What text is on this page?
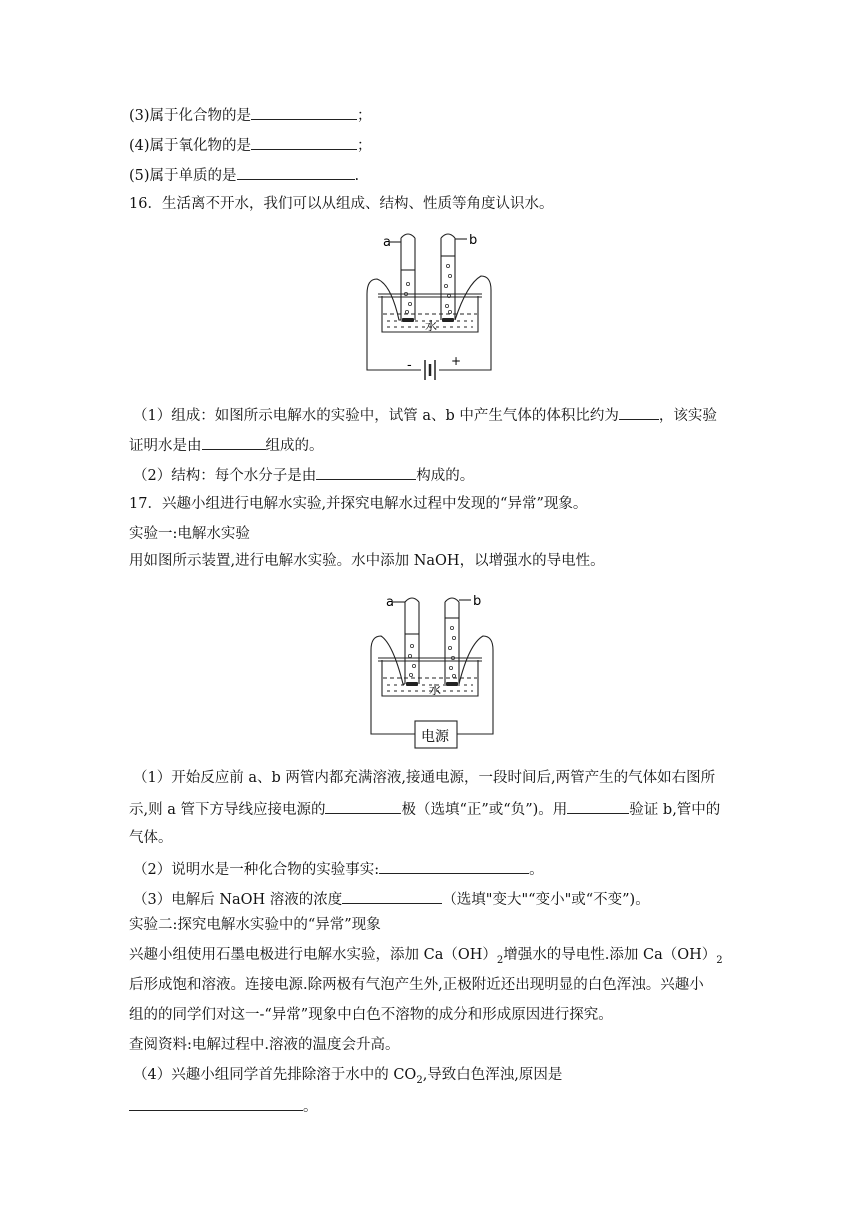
(3)属于化合物的是	；
(4)属于氧化物的是	；
(5)属于单质的是	.
16．生活离不开水，我们可以从组成、结构、性质等角度认识水。
a	b
水
-	+
（1）组成：如图所示电解水的实验中，试管 a、b 中产生气体的体积比约为	，该实验
证明水是由	组成的。
（2）结构：每个水分子是由	构成的。
17．兴趣小组进行电解水实验,并探究电解水过程中发现的“异常”现象。
实验一:电解水实验
用如图所示装置,进行电解水实验。水中添加 NaOH，以增强水的导电性。
a	b
水
电源
（1）开始反应前 a、b 两管内都充满溶液,接通电源，一段时间后,两管产生的气体如右图所
示,则 a 管下方导线应接电源的	极（选填“正”或“负”)。用	验证 b,管中的
气体。
（2）说明水是一种化合物的实验事实:	。
（3）电解后 NaOH 溶液的浓度	（选填"变大"“变小"或“不变”)。
实验二:探究电解水实验中的“异常”现象
兴趣小组使用石墨电极进行电解水实验，添加 $Ca(OH)_2$增强水的导电性.添加 $Ca(OH)_2$
后形成饱和溶液。连接电源.除两极有气泡产生外,正极附近还出现明显的白色浑浊。兴趣小
组的的同学们对这一-“异常”现象中白色不溶物的成分和形成原因进行探究。
查阅资料:电解过程中.溶液的温度会升高。
（4）兴趣小组同学首先排除溶于水中的 $CO_2$,导致白色浑浊,原因是
。
